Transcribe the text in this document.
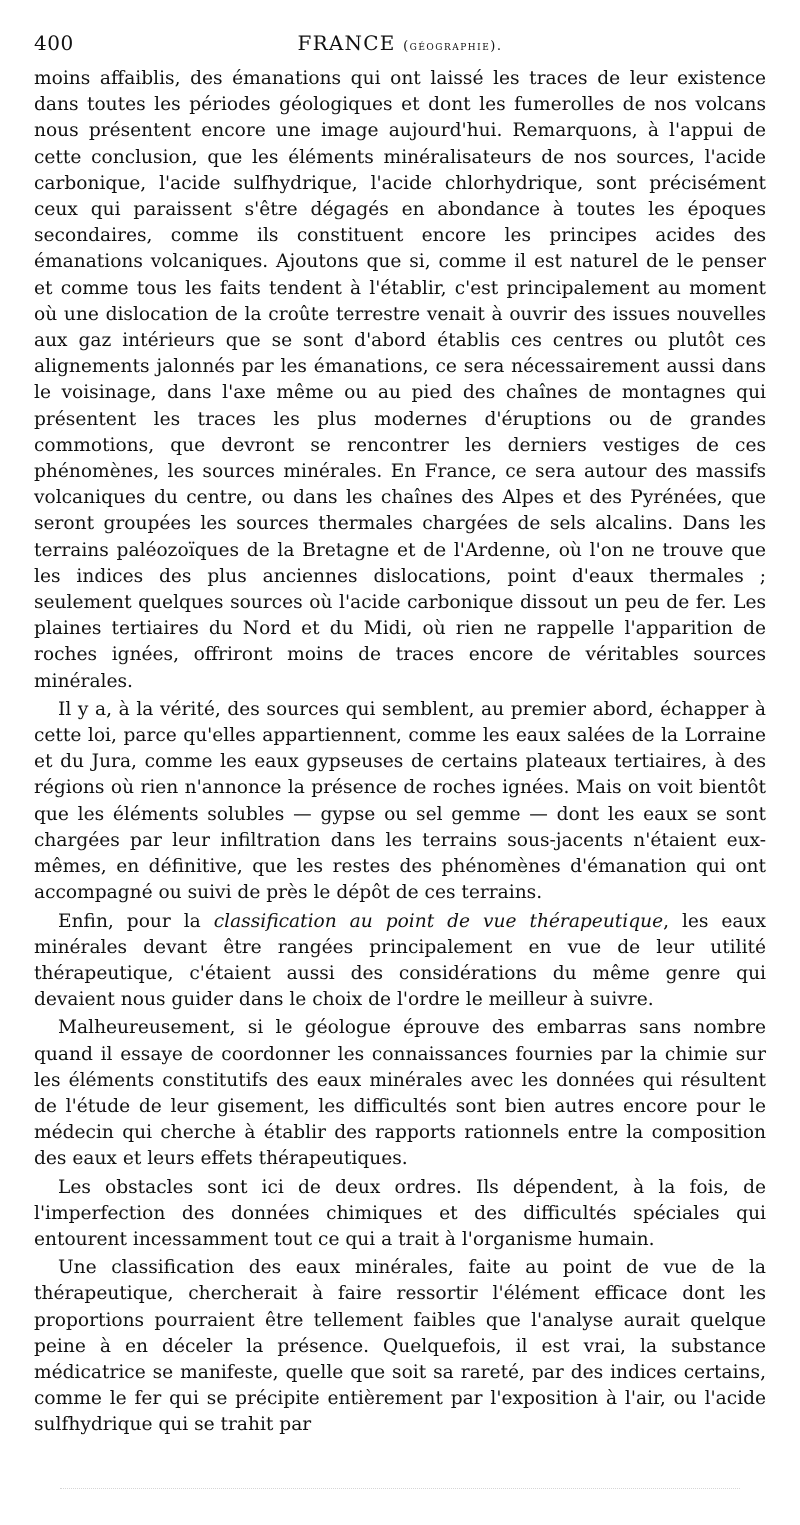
400	FRANCE (géographie).

moins affaiblis, des émanations qui ont laissé les traces de leur existence dans toutes les périodes géologiques et dont les fumerolles de nos volcans nous présentent encore une image aujourd'hui. Remarquons, à l'appui de cette conclusion, que les éléments minéralisateurs de nos sources, l'acide carbonique, l'acide sulfhydrique, l'acide chlorhydrique, sont précisément ceux qui paraissent s'être dégagés en abondance à toutes les époques secondaires, comme ils constituent encore les principes acides des émanations volcaniques. Ajoutons que si, comme il est naturel de le penser et comme tous les faits tendent à l'établir, c'est principalement au moment où une dislocation de la croûte terrestre venait à ouvrir des issues nouvelles aux gaz intérieurs que se sont d'abord établis ces centres ou plutôt ces alignements jalonnés par les émanations, ce sera nécessairement aussi dans le voisinage, dans l'axe même ou au pied des chaînes de montagnes qui présentent les traces les plus modernes d'éruptions ou de grandes commotions, que devront se rencontrer les derniers vestiges de ces phénomènes, les sources minérales. En France, ce sera autour des massifs volcaniques du centre, ou dans les chaînes des Alpes et des Pyrénées, que seront groupées les sources thermales chargées de sels alcalins. Dans les terrains paléozoïques de la Bretagne et de l'Ardenne, où l'on ne trouve que les indices des plus anciennes dislocations, point d'eaux thermales ; seulement quelques sources où l'acide carbonique dissout un peu de fer. Les plaines tertiaires du Nord et du Midi, où rien ne rappelle l'apparition de roches ignées, offriront moins de traces encore de véritables sources minérales.

Il y a, à la vérité, des sources qui semblent, au premier abord, échapper à cette loi, parce qu'elles appartiennent, comme les eaux salées de la Lorraine et du Jura, comme les eaux gypseuses de certains plateaux tertiaires, à des régions où rien n'annonce la présence de roches ignées. Mais on voit bientôt que les éléments solubles — gypse ou sel gemme — dont les eaux se sont chargées par leur infiltration dans les terrains sous-jacents n'étaient eux-mêmes, en définitive, que les restes des phénomènes d'émanation qui ont accompagné ou suivi de près le dépôt de ces terrains.

Enfin, pour la classification au point de vue thérapeutique, les eaux minérales devant être rangées principalement en vue de leur utilité thérapeutique, c'étaient aussi des considérations du même genre qui devaient nous guider dans le choix de l'ordre le meilleur à suivre.

Malheureusement, si le géologue éprouve des embarras sans nombre quand il essaye de coordonner les connaissances fournies par la chimie sur les éléments constitutifs des eaux minérales avec les données qui résultent de l'étude de leur gisement, les difficultés sont bien autres encore pour le médecin qui cherche à établir des rapports rationnels entre la composition des eaux et leurs effets thérapeutiques.

Les obstacles sont ici de deux ordres. Ils dépendent, à la fois, de l'imperfection des données chimiques et des difficultés spéciales qui entourent incessamment tout ce qui a trait à l'organisme humain.

Une classification des eaux minérales, faite au point de vue de la thérapeutique, chercherait à faire ressortir l'élément efficace dont les proportions pourraient être tellement faibles que l'analyse aurait quelque peine à en déceler la présence. Quelquefois, il est vrai, la substance médicatrice se manifeste, quelle que soit sa rareté, par des indices certains, comme le fer qui se précipite entièrement par l'exposition à l'air, ou l'acide sulfhydrique qui se trahit par
